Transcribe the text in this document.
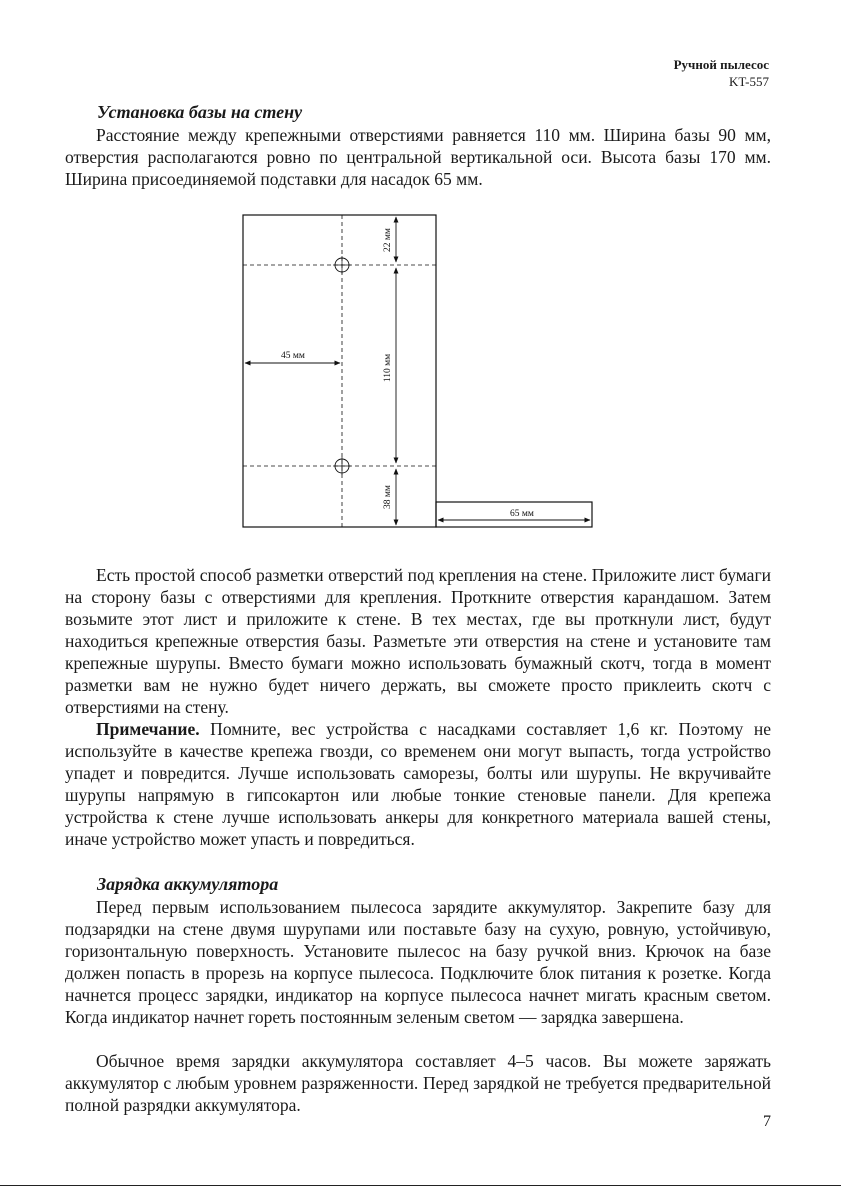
Ручной пылесос
KT-557
Установка базы на стену

Расстояние между крепежными отверстиями равняется 110 мм. Ширина базы 90 мм, отверстия располагаются ровно по центральной вертикальной оси. Высота базы 170 мм. Ширина присоединяемой подставки для насадок 65 мм.

45 мм
65 мм
22 мм
110 мм
38 мм

Есть простой способ разметки отверстий под крепления на стене. Приложите лист бумаги на сторону базы с отверстиями для крепления. Проткните отверстия карандашом. Затем возьмите этот лист и приложите к стене. В тех местах, где вы проткнули лист, будут находиться крепежные отверстия базы. Разметьте эти отверстия на стене и установите там крепежные шурупы. Вместо бумаги можно использовать бумажный скотч, тогда в момент разметки вам не нужно будет ничего держать, вы сможете просто приклеить скотч с отверстиями на стену.

Примечание. Помните, вес устройства с насадками составляет 1,6 кг. Поэтому не используйте в качестве крепежа гвозди, со временем они могут выпасть, тогда устройство упадет и повредится. Лучше использовать саморезы, болты или шурупы. Не вкручивайте шурупы напрямую в гипсокартон или любые тонкие стеновые панели. Для крепежа устройства к стене лучше использовать анкеры для конкретного материала вашей стены, иначе устройство может упасть и повредиться.

Зарядка аккумулятора

Перед первым использованием пылесоса зарядите аккумулятор. Закрепите базу для подзарядки на стене двумя шурупами или поставьте базу на сухую, ровную, устойчивую, горизонтальную поверхность. Установите пылесос на базу ручкой вниз. Крючок на базе должен попасть в прорезь на корпусе пылесоса. Подключите блок питания к розетке. Когда начнется процесс зарядки, индикатор на корпусе пылесоса начнет мигать красным светом. Когда индикатор начнет гореть постоянным зеленым светом — зарядка завершена.

Обычное время зарядки аккумулятора составляет 4–5 часов. Вы можете заряжать аккумулятор с любым уровнем разряженности. Перед зарядкой не требуется предварительной полной разрядки аккумулятора.

7
